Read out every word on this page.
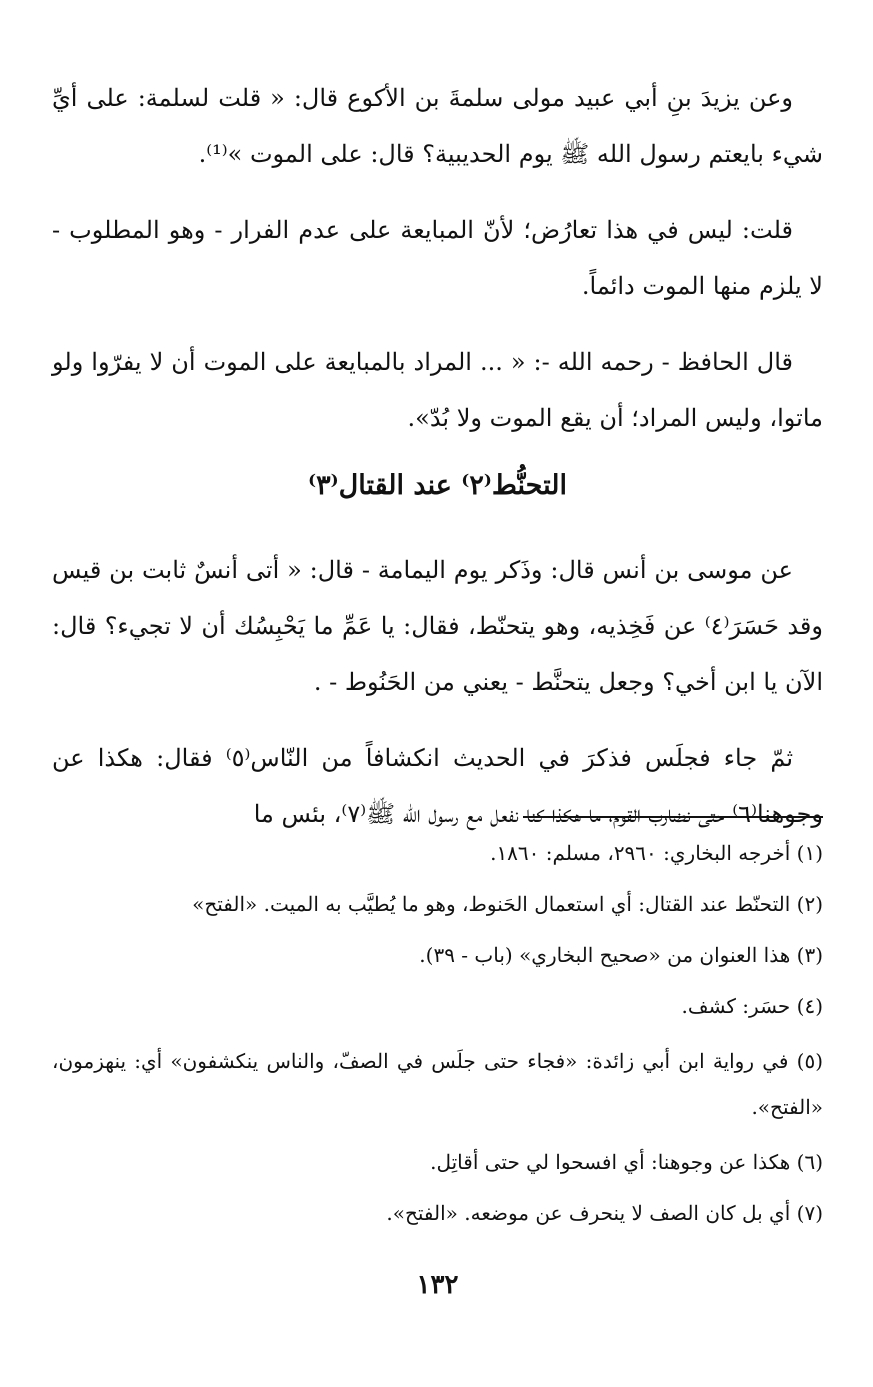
وعن يزيدَ بنِ أبي عبيد مولى سلمةَ بن الأكوع قال: « قلت لسلمة: على أيِّ شيء بايعتم رسول الله ﷺ يوم الحديبية؟ قال: على الموت »⁽¹⁾.

قلت: ليس في هذا تعارُض؛ لأنّ المبايعة على عدم الفرار - وهو المطلوب - لا يلزم منها الموت دائماً.

قال الحافظ - رحمه الله -: « ... المراد بالمبايعة على الموت أن لا يفرّوا ولو ماتوا، وليس المراد؛ أن يقع الموت ولا بُدّ».

التحنُّط⁽٢⁾ عند القتال⁽٣⁾

عن موسى بن أنس قال: وذَكر يوم اليمامة - قال: « أتى أنسٌ ثابت بن قيس وقد حَسَرَ⁽٤⁾ عن فَخِذيه، وهو يتحنّط، فقال: يا عَمِّ ما يَحْبِسُك أن لا تجيء؟ قال: الآن يا ابن أخي؟ وجعل يتحنَّط - يعني من الحَنُوط - .

ثمّ جاء فجلَس فذكرَ في الحديث انكشافاً من النّاس⁽٥⁾ فقال: هكذا عن وجوهنا⁽٦⁾ حتى نضارب القوم، ما هكذا كنا نفعل مع رسول الله ﷺ⁽٧⁾، بئس ما

(١) أخرجه البخاري: ٢٩٦٠، مسلم: ١٨٦٠.

(٢) التحنّط عند القتال: أي استعمال الحَنوط، وهو ما يُطيَّب به الميت. «الفتح»

(٣) هذا العنوان من «صحيح البخاري» (باب - ٣٩).

(٤) حسَر: كشف.

(٥) في رواية ابن أبي زائدة: «فجاء حتى جلَس في الصفّ، والناس ينكشفون» أي: ينهزمون، «الفتح».

(٦) هكذا عن وجوهنا: أي افسحوا لي حتى أقاتِل.

(٧) أي بل كان الصف لا ينحرف عن موضعه. «الفتح».

١٣٢
